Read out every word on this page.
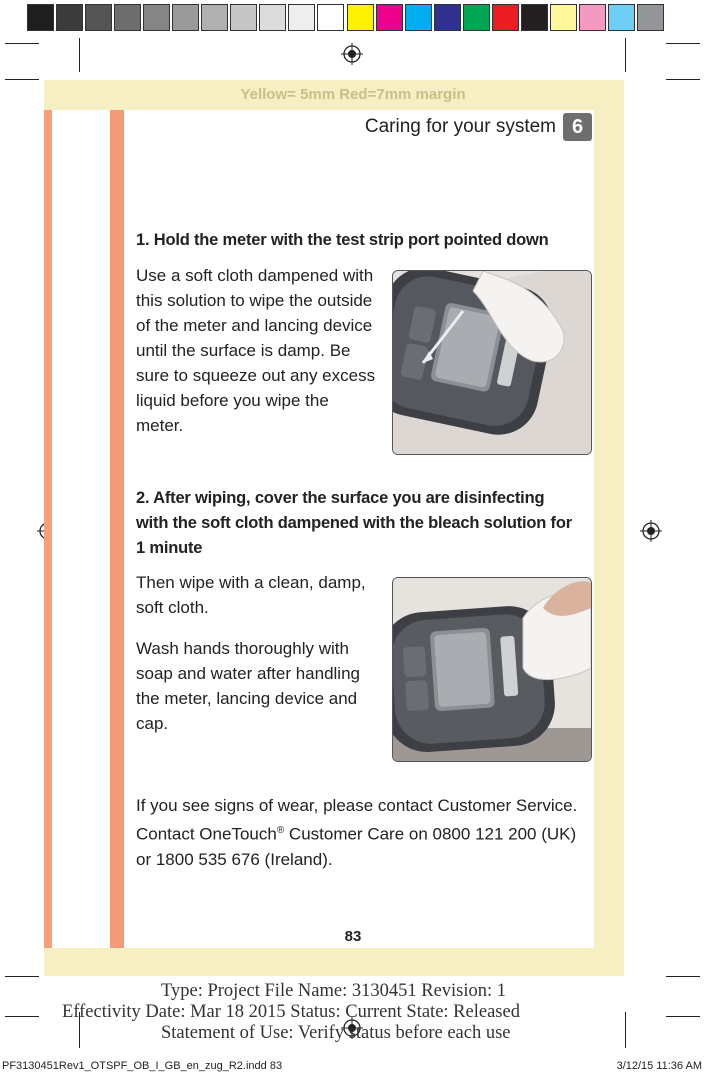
Yellow= 5mm Red=7mm margin
Caring for your system 6
1. Hold the meter with the test strip port pointed down
Use a soft cloth dampened with this solution to wipe the outside of the meter and lancing device until the surface is damp. Be sure to squeeze out any excess liquid before you wipe the meter.
2. After wiping, cover the surface you are disinfecting with the soft cloth dampened with the bleach solution for 1 minute
Then wipe with a clean, damp, soft cloth.
Wash hands thoroughly with soap and water after handling the meter, lancing device and cap.
If you see signs of wear, please contact Customer Service.
Contact OneTouch® Customer Care on 0800 121 200 (UK)
or 1800 535 676 (Ireland).
83
Type: Project File Name: 3130451 Revision: 1
Effectivity Date: Mar 18 2015 Status: Current State: Released
Statement of Use: Verify status before each use
PF3130451Rev1_OTSPF_OB_I_GB_en_zug_R2.indd 83	3/12/15 11:36 AM
